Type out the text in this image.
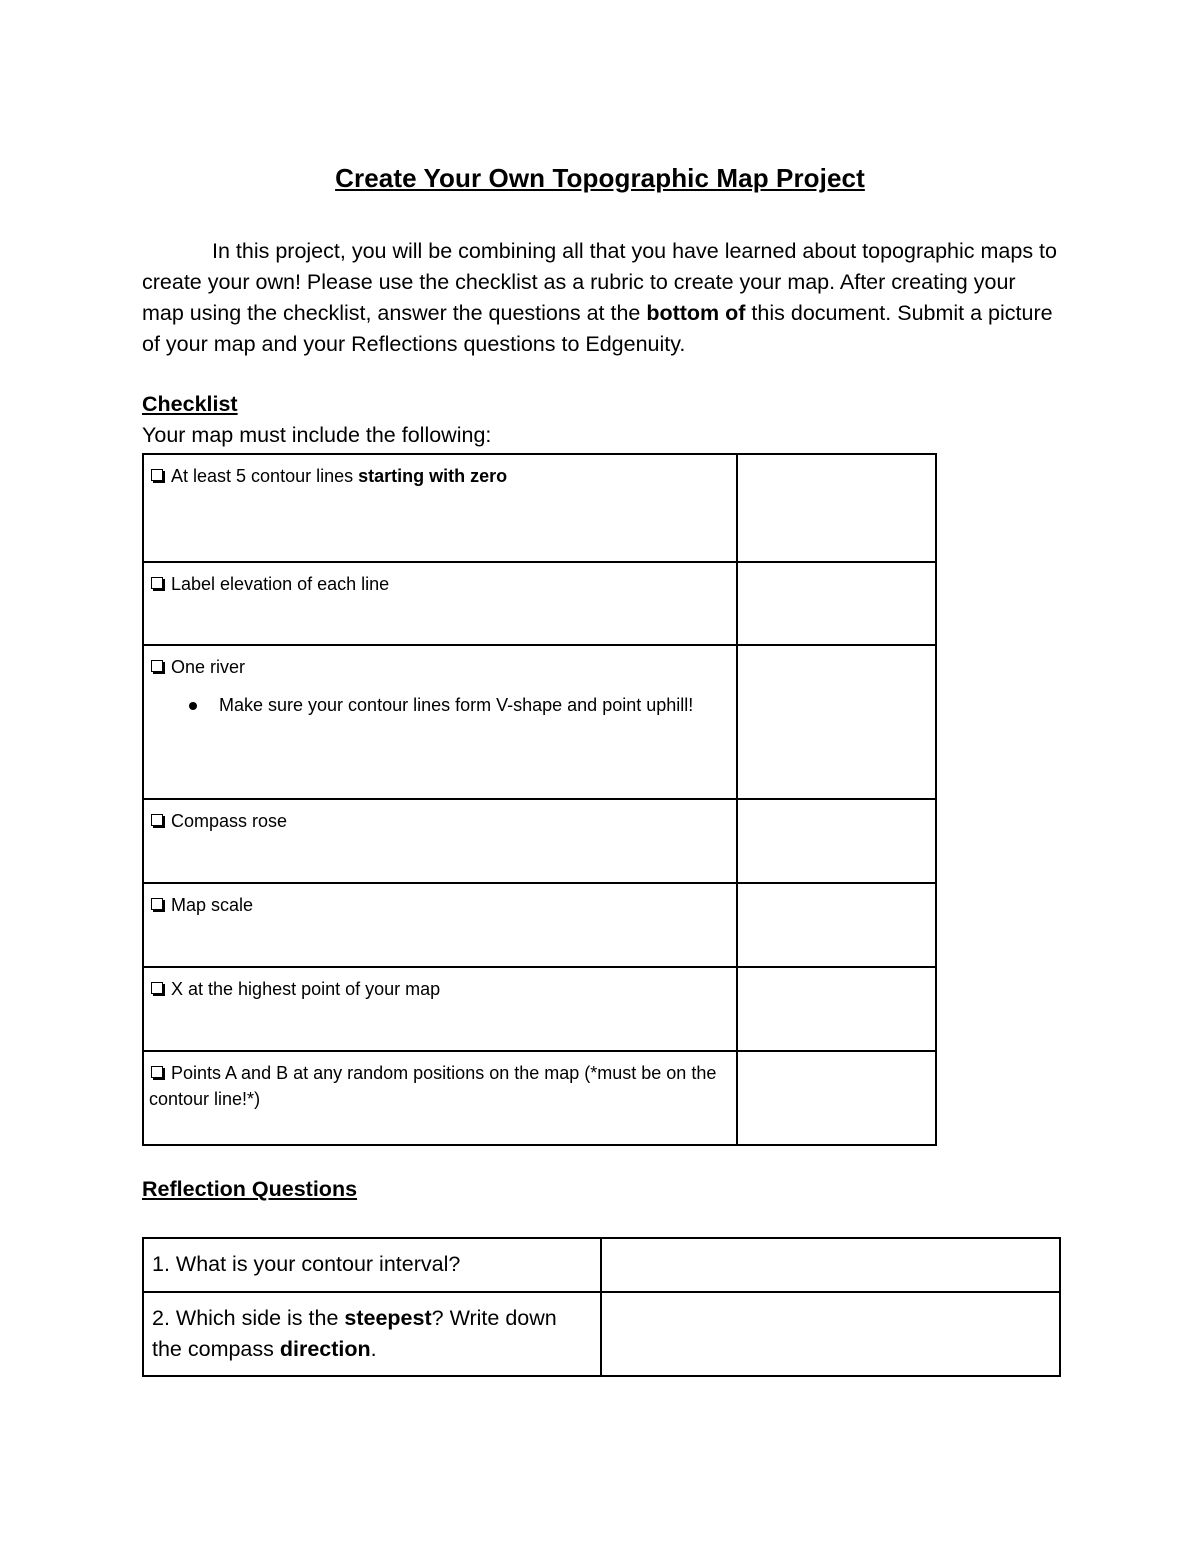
Create Your Own Topographic Map Project

In this project, you will be combining all that you have learned about topographic maps to create your own! Please use the checklist as a rubric to create your map. After creating your map using the checklist, answer the questions at the bottom of this document. Submit a picture of your map and your Reflections questions to Edgenuity.

Checklist

Your map must include the following:

At least 5 contour lines starting with zero	
Label elevation of each line	
One river
Make sure your contour lines form V-shape and point uphill!	

Compass rose	
Map scale	
X at the highest point of your map	
Points A and B at any random positions on the map (*must be on the contour line!*)	

Reflection Questions

1. What is your contour interval?	
2. Which side is the steepest? Write down the compass direction.	
